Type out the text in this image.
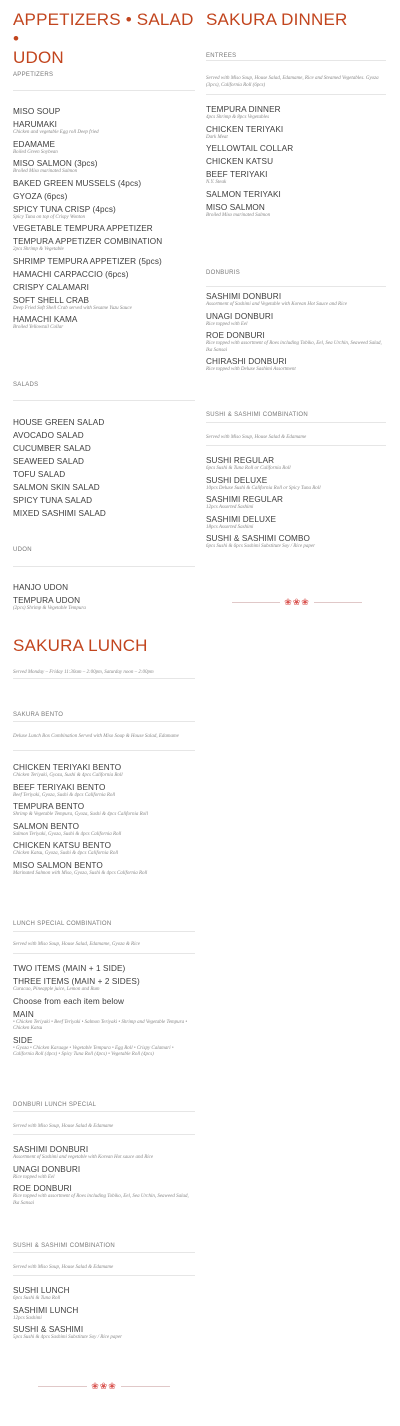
APPETIZERS • SALAD •
UDON
APPETIZERS
MISO SOUP
HARUMAKI
Chicken and vegetable Egg roll Deep fried
EDAMAME
Boiled Green Soybean
MISO SALMON (3pcs)
Broiled Miso marinated Salmon
BAKED GREEN MUSSELS (4pcs)
GYOZA (6pcs)
SPICY TUNA CRISP (4pcs)
Spicy Tuna on top of Crispy Wonton
VEGETABLE TEMPURA APPETIZER
TEMPURA APPETIZER COMBINATION
2pcs Shrimp & Vegetable
SHRIMP TEMPURA APPETIZER (5pcs)
HAMACHI CARPACCIO (6pcs)
CRISPY CALAMARI
SOFT SHELL CRAB
Deep Fried Soft Shell Crab served with Sesame Yuzu Sauce
HAMACHI KAMA
Broiled Yellowtail Collar
SALADS
HOUSE GREEN SALAD
AVOCADO SALAD
CUCUMBER SALAD
SEAWEED SALAD
TOFU SALAD
SALMON SKIN SALAD
SPICY TUNA SALAD
MIXED SASHIMI SALAD
UDON
HANJO UDON
TEMPURA UDON
(2pcs) Shrimp & Vegetable Tempura
SAKURA DINNER
ENTREES
Served with Miso Soup, House Salad, Edamame, Rice and Steamed Vegetables. Gyoza (3pcs), California Roll (6pcs)
TEMPURA DINNER
4pcs Shrimp & 8pcs Vegetables
CHICKEN TERIYAKI
Dark Meat
YELLOWTAIL COLLAR
CHICKEN KATSU
BEEF TERIYAKI
N.Y. Steak
SALMON TERIYAKI
MISO SALMON
Broiled Miso marinated Salmon
DONBURIS
SASHIMI DONBURI
Assortment of Sashimi and Vegetable with Korean Hot Sauce and Rice
UNAGI DONBURI
Rice topped with Eel
ROE DONBURI
Rice topped with assortment of Roes including Tobiko, Eel, Sea Urchin, Seaweed Salad, Ika Sansai
CHIRASHI DONBURI
Rice topped with Deluxe Sashimi Assortment
SUSHI & SASHIMI COMBINATION
Served with Miso Soup, House Salad & Edamame
SUSHI REGULAR
6pcs Sushi & Tuna Roll or California Roll
SUSHI DELUXE
10pcs Deluxe Sushi & California Roll or Spicy Tuna Roll
SASHIMI REGULAR
12pcs Assorted Sashimi
SASHIMI DELUXE
18pcs Assorted Sashimi
SUSHI & SASHIMI COMBO
6pcs Sushi & 6pcs Sashimi Substitute Soy / Rice paper
❀❀❀
SAKURA LUNCH
Served Monday – Friday 11:30am – 2:00pm, Saturday noon – 2:00pm
SAKURA BENTO
Deluxe Lunch Box Combination Served with Miso Soup & House Salad, Edamame
CHICKEN TERIYAKI BENTO
Chicken Teriyaki, Gyoza, Sushi & 4pcs California Roll
BEEF TERIYAKI BENTO
Beef Teriyaki, Gyoza, Sushi & 4pcs California Roll
TEMPURA BENTO
Shrimp & Vegetable Tempura, Gyoza, Sushi & 4pcs California Roll
SALMON BENTO
Salmon Teriyaki, Gyoza, Sushi & 4pcs California Roll
CHICKEN KATSU BENTO
Chicken Katsu, Gyoza, Sushi & 4pcs California Roll
MISO SALMON BENTO
Marinated Salmon with Miso, Gyoza, Sushi & 4pcs California Roll
LUNCH SPECIAL COMBINATION
Served with Miso Soup, House Salad, Edamame, Gyoza & Rice
TWO ITEMS (MAIN + 1 SIDE)
THREE ITEMS (MAIN + 2 SIDES)
Curacao, Pineapple juice, Lemon and Rum
Choose from each item below
MAIN
• Chicken Teriyaki • Beef Teriyaki • Salmon Teriyaki • Shrimp and Vegetable Tempura • Chicken Katsu
SIDE
• Gyoza • Chicken Karaage • Vegetable Tempura • Egg Roll • Crispy Calamari • California Roll (4pcs) • Spicy Tuna Roll (4pcs) • Vegetable Roll (4pcs)
DONBURI LUNCH SPECIAL
Served with Miso Soup, House Salad & Edamame
SASHIMI DONBURI
Assortment of Sashimi and vegetable with Korean Hot sauce and Rice
UNAGI DONBURI
Rice topped with Eel
ROE DONBURI
Rice topped with assortment of Roes including Tobiko, Eel, Sea Urchin, Seaweed Salad, Ika Sansai
SUSHI & SASHIMI COMBINATION
Served with Miso Soup, House Salad & Edamame
SUSHI LUNCH
6pcs Sushi & Tuna Roll
SASHIMI LUNCH
12pcs Sashimi
SUSHI & SASHIMI
5pcs Sushi & 4pcs Sashimi Substitute Soy / Rice paper
❀❀❀
